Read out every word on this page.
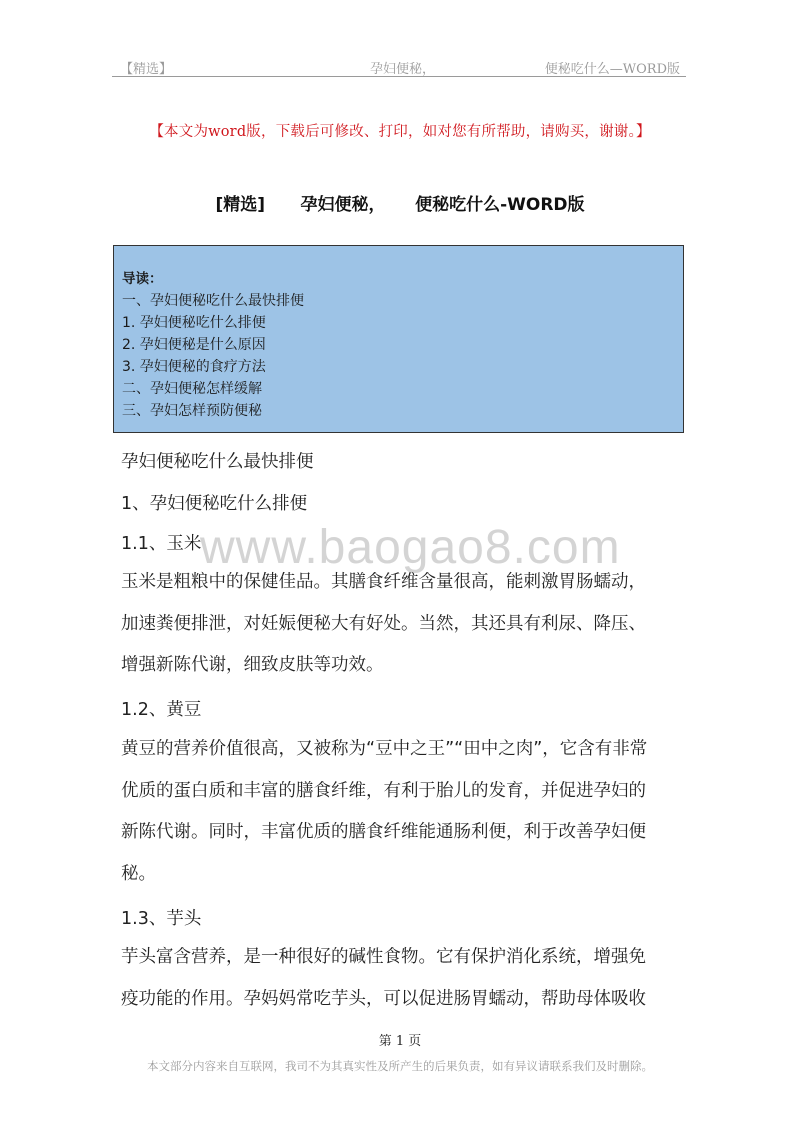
【精选】	孕妇便秘，	便秘吃什么—WORD版
【本文为word版，下载后可修改、打印，如对您有所帮助，请购买，谢谢。】
[精选]      孕妇便秘，     便秘吃什么-WORD版
导读：
一、孕妇便秘吃什么最快排便
1. 孕妇便秘吃什么排便
2. 孕妇便秘是什么原因
3. 孕妇便秘的食疗方法
二、孕妇便秘怎样缓解
三、孕妇怎样预防便秘
www.baogao8.com
孕妇便秘吃什么最快排便
1、孕妇便秘吃什么排便
1.1、玉米
玉米是粗粮中的保健佳品。其膳食纤维含量很高，能刺激胃肠蠕动，
加速粪便排泄，对妊娠便秘大有好处。当然，其还具有利尿、降压、
增强新陈代谢，细致皮肤等功效。
1.2、黄豆
黄豆的营养价值很高，又被称为“豆中之王”“田中之肉”，它含有非常
优质的蛋白质和丰富的膳食纤维，有利于胎儿的发育，并促进孕妇的
新陈代谢。同时，丰富优质的膳食纤维能通肠利便，利于改善孕妇便
秘。
1.3、芋头
芋头富含营养，是一种很好的碱性食物。它有保护消化系统，增强免
疫功能的作用。孕妈妈常吃芋头，可以促进肠胃蠕动，帮助母体吸收
第 1 页
本文部分内容来自互联网，我司不为其真实性及所产生的后果负责，如有异议请联系我们及时删除。
